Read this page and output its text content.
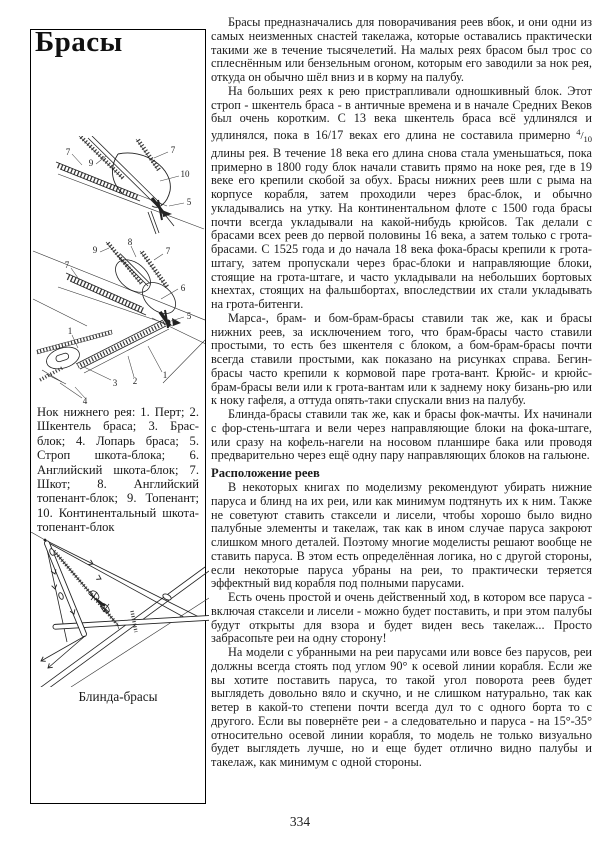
Брасы
7
9
7
10
5
8
9	7
7
6
5
1
1
2
3
4
Нок нижнего рея: 1. Перт; 2. Шкентель браса; 3. Брас-блок; 4. Лопарь браса; 5. Строп шкота-блока; 6. Английский шкота-блок; 7. Шкот; 8. Английский топенант-блок; 9. Топенант; 10. Континентальный шкота-топенант-блок
Блинда-брасы

Брасы предназначались для поворачивания реев вбок, и они одни из самых неизменных снастей такелажа, которые оставались практически такими же в течение тысячелетий. На малых реях брасом был трос со сплеснённым или бензельным огоном, которым его заводили за нок рея, откуда он обычно шёл вниз и в корму на палубу.

На больших реях к рею пристрапливали одношкивный блок. Этот строп - шкентель браса - в античные времена и в начале Средних Веков был очень коротким. С 13 века шкентель браса всё удлинялся и удлинялся, пока в 16/17 веках его длина не составила примерно $^4/_{10}$ длины рея. В течение 18 века его длина снова стала уменьшаться, пока примерно в 1800 году блок начали ставить прямо на ноке рея, где в 19 веке его крепили скобой за обух. Брасы нижних реев шли с рыма на корпусе корабля, затем проходили через брас-блок, и обычно укладывались на утку. На континентальном флоте с 1500 года брасы почти всегда укладывали на какой-нибудь крюйсов. Так делали с брасами всех реев до первой половины 16 века, а затем только с грота-брасами. С 1525 года и до начала 18 века фока-брасы крепили к грота-штагу, затем пропускали через брас-блоки и направляющие блоки, стоящие на грота-штаге, и часто укладывали на небольших бортовых кнехтах, стоящих на фальшбортах, впоследствии их стали укладывать на грота-битенги.

Марса-, брам- и бом-брам-брасы ставили так же, как и брасы нижних реев, за исключением того, что брам-брасы часто ставили простыми, то есть без шкентеля с блоком, а бом-брам-брасы почти всегда ставили простыми, как показано на рисунках справа. Бегин-брасы часто крепили к кормовой паре грота-вант. Крюйс- и крюйс-брам-брасы вели или к грота-вантам или к заднему ноку бизань-рю или к ноку гафеля, а оттуда опять-таки спускали вниз на палубу.

Блинда-брасы ставили так же, как и брасы фок-мачты. Их начинали с фор-стень-штага и вели через направляющие блоки на фока-штаге, или сразу на кофель-нагели на носовом планшире бака или проводя предварительно через ещё одну пару направляющих блоков на гальюне.

Расположение реев

В некоторых книгах по моделизму рекомендуют убирать нижние паруса и блинд на их реи, или как минимум подтянуть их к ним. Также не советуют ставить стаксели и лисели, чтобы хорошо было видно палубные элементы и такелаж, так как в ином случае паруса закроют слишком много деталей. Поэтому многие моделисты решают вообще не ставить паруса. В этом есть определённая логика, но с другой стороны, если некоторые паруса убраны на реи, то практически теряется эффектный вид корабля под полными парусами.

Есть очень простой и очень действенный ход, в котором все паруса - включая стаксели и лисели - можно будет поставить, и при этом палубы будут открыты для взора и будет виден весь такелаж... Просто забрасопьте реи на одну сторону!

На модели с убранными на реи парусами или вовсе без парусов, реи должны всегда стоять под углом 90° к осевой линии корабля. Если же вы хотите поставить паруса, то такой угол поворота реев будет выглядеть довольно вяло и скучно, и не слишком натурально, так как ветер в какой-то степени почти всегда дул то с одного борта то с другого. Если вы повернёте реи - а следовательно и паруса - на 15°-35° относительно осевой линии корабля, то модель не только визуально будет выглядеть лучше, но и еще будет отлично видно палубы и такелаж, как минимум с одной стороны.

334
